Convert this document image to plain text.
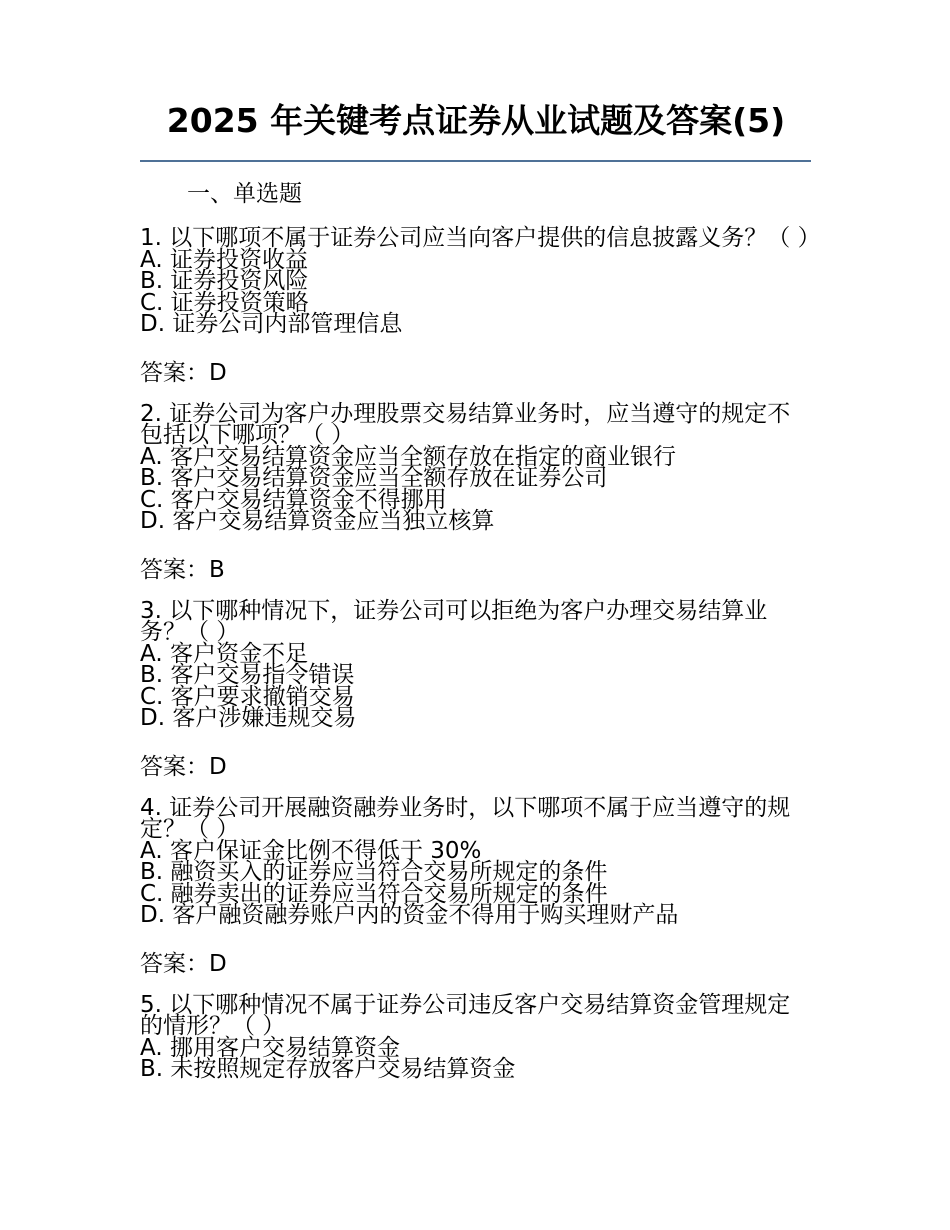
2025 年关键考点证券从业试题及答案(5)
一、单选题
1. 以下哪项不属于证券公司应当向客户提供的信息披露义务？（ ）
A. 证券投资收益
B. 证券投资风险
C. 证券投资策略
D. 证券公司内部管理信息
答案：D
2. 证券公司为客户办理股票交易结算业务时，应当遵守的规定不包括以下哪项？（ ）
A. 客户交易结算资金应当全额存放在指定的商业银行
B. 客户交易结算资金应当全额存放在证券公司
C. 客户交易结算资金不得挪用
D. 客户交易结算资金应当独立核算
答案：B
3. 以下哪种情况下，证券公司可以拒绝为客户办理交易结算业务？（ ）
A. 客户资金不足
B. 客户交易指令错误
C. 客户要求撤销交易
D. 客户涉嫌违规交易
答案：D
4. 证券公司开展融资融券业务时，以下哪项不属于应当遵守的规定？（ ）
A. 客户保证金比例不得低于 30%
B. 融资买入的证券应当符合交易所规定的条件
C. 融券卖出的证券应当符合交易所规定的条件
D. 客户融资融券账户内的资金不得用于购买理财产品
答案：D
5. 以下哪种情况不属于证券公司违反客户交易结算资金管理规定的情形？（ ）
A. 挪用客户交易结算资金
B. 未按照规定存放客户交易结算资金
